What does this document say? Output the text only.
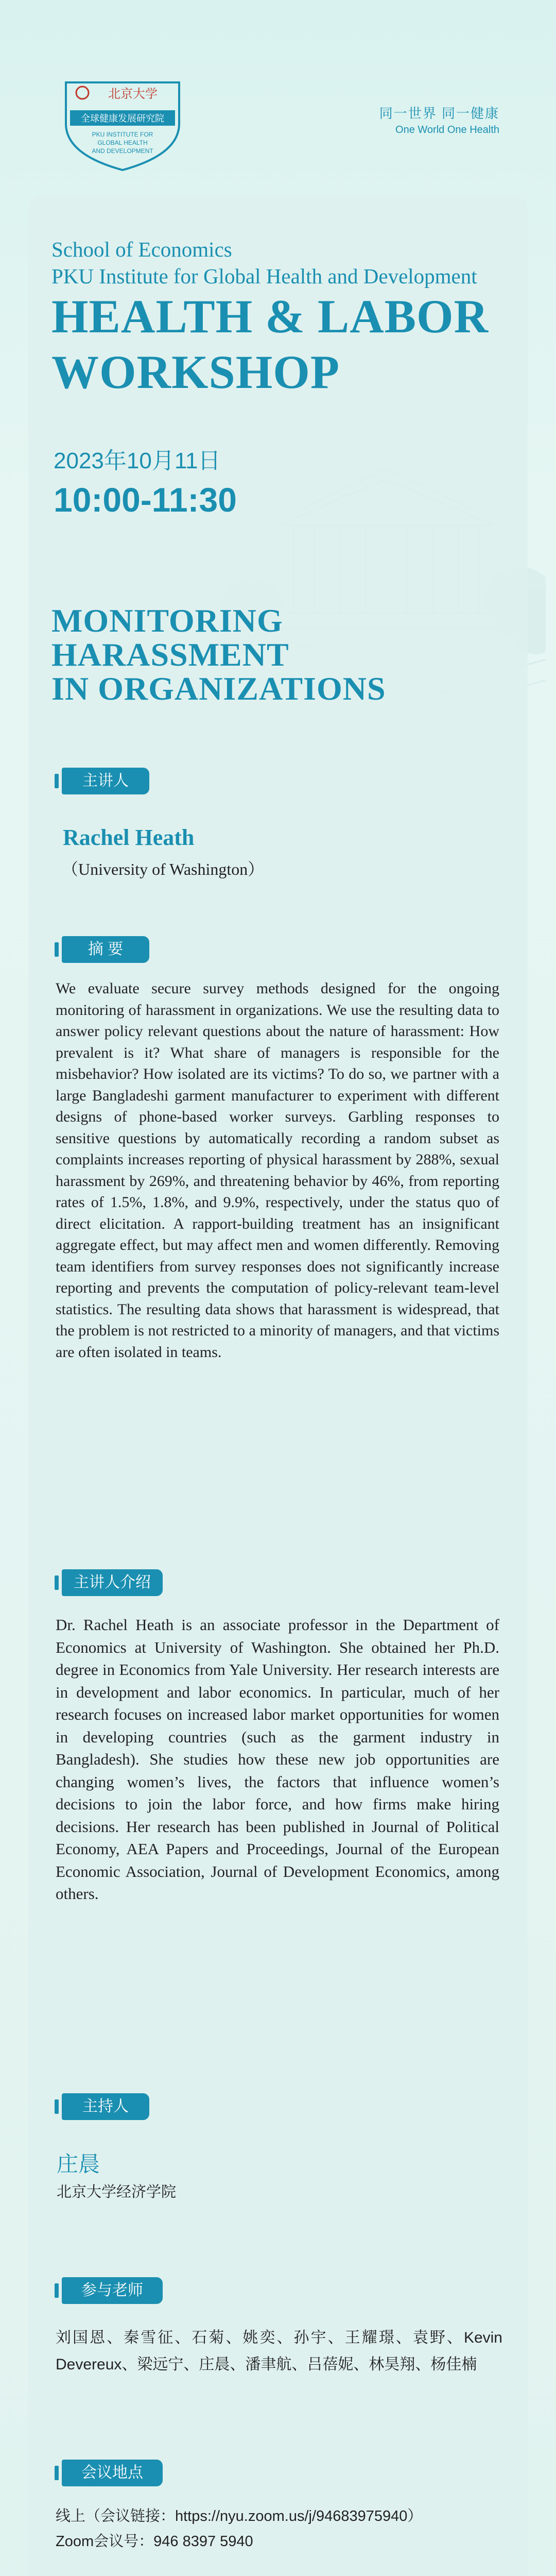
北京大学
全球健康发展研究院
PKU INSTITUTE FOR
GLOBAL HEALTH
AND DEVELOPMENT
同一世界 同一健康
One World One Health
School of Economics
PKU Institute for Global Health and Development
HEALTH & LABOR
WORKSHOP
2023年10月11日
10:00-11:30
MONITORING
HARASSMENT
IN ORGANIZATIONS
主讲人
Rachel Heath
（University of Washington）
摘 要
We evaluate secure survey methods designed for the ongoing monitoring of harassment in organizations. We use the resulting data to answer policy relevant questions about the nature of harassment: How prevalent is it? What share of managers is responsible for the misbehavior? How isolated are its victims? To do so, we partner with a large Bangladeshi garment manufacturer to experiment with different designs of phone-based worker surveys. Garbling responses to sensitive questions by automatically recording a random subset as complaints increases reporting of physical harassment by 288%, sexual harassment by 269%, and threatening behavior by 46%, from reporting rates of 1.5%, 1.8%, and 9.9%, respectively, under the status quo of direct elicitation. A rapport-building treatment has an insignificant aggregate effect, but may affect men and women differently. Removing team identifiers from survey responses does not significantly increase reporting and prevents the computation of policy-relevant team-level statistics. The resulting data shows that harassment is widespread, that the problem is not restricted to a minority of managers, and that victims are often isolated in teams.
主讲人介绍
Dr. Rachel Heath is an associate professor in the Department of Economics at University of Washington. She obtained her Ph.D. degree in Economics from Yale University. Her research interests are in development and labor economics. In particular, much of her research focuses on increased labor market opportunities for women in developing countries (such as the garment industry in Bangladesh). She studies how these new job opportunities are changing women’s lives, the factors that influence women’s decisions to join the labor force, and how firms make hiring decisions. Her research has been published in Journal of Political Economy, AEA Papers and Proceedings, Journal of the European Economic Association, Journal of Development Economics, among others.
主持人
庄晨
北京大学经济学院
参与老师
刘国恩、秦雪征、石菊、姚奕、孙宇、王耀璟、袁野、Kevin Devereux、梁远宁、庄晨、潘聿航、吕蓓妮、林昊翔、杨佳楠
会议地点
线上（会议链接：https://nyu.zoom.us/j/94683975940）
Zoom会议号：946 8397 5940
